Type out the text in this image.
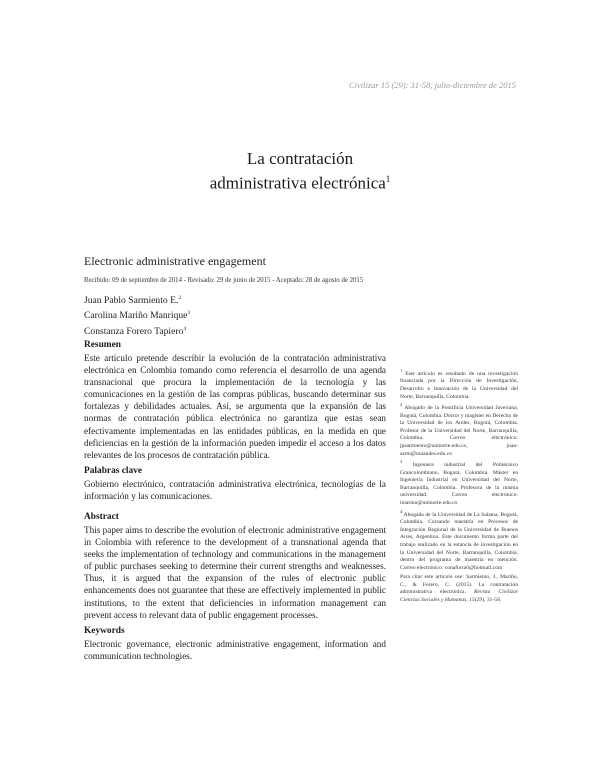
Civilizar 15 (29): 31-58, julio-diciembre de 2015
La contratación
administrativa electrónica$^1$
Electronic administrative engagement
Recibido: 09 de septiembre de 2014 - Revisado: 29 de junio de 2015 - Aceptado: 28 de agosto de 2015
Juan Pablo Sarmiento E.$^2$
Carolina Mariño Manrique$^3$
Constanza Forero Tapiero$^4$

Resumen

Este artículo pretende describir la evolución de la contratación administrativa electrónica en Colombia tomando como referencia el desarrollo de una agenda transnacional que procura la implementación de la tecnología y las comunicaciones en la gestión de las compras públicas, buscando determinar sus fortalezas y debilidades actuales. Así, se argumenta que la expansión de las normas de contratación pública electrónica no garantiza que estas sean efectivamente implementadas en las entidades públicas, en la medida en que deficiencias en la gestión de la información pueden impedir el acceso a los datos relevantes de los procesos de contratación pública.

Palabras clave

Gobierno electrónico, contratación administrativa electrónica, tecnologías de la información y las comunicaciones.

Abstract

This paper aims to describe the evolution of electronic administrative engagement in Colombia with reference to the development of a transnational agenda that seeks the implementation of technology and communications in the management of public purchases seeking to determine their current strengths and weaknesses. Thus, it is argued that the expansion of the rules of electronic public enhancements does not guarantee that these are effectively implemented in public institutions, to the extent that deficiencies in information management can prevent access to relevant data of public engagement processes.

Keywords

Electronic governance, electronic administrative engagement, information and communication technologies.

$^1$ Este artículo es resultado de una investigación financiada por la Dirección de Investigación, Desarrollo e Innovación de la Universidad del Norte, Barranquilla, Colombia.

$^2$ Abogado de la Pontificia Universidad Javeriana, Bogotá, Colombia. Doctor y magíster en Derecho de la Universidad de los Andes, Bogotá, Colombia. Profesor de la Universidad del Norte, Barranquilla, Colombia. Correo electrónico: jpsarmiento@uninorte.edu.co, juan-sarm@uniandes.edu.co

$^3$ Ingeniera industrial del Politécnico Grancolombiano, Bogotá, Colombia. Máster en Ingeniería Industrial en Universidad del Norte, Barranquilla, Colombia. Profesora de la misma universidad. Correo electrónico: imarino@uninorte.edu.co

$^4$ Abogada de la Universidad de La Sabana, Bogotá, Colombia. Cursando maestría en Procesos de Integración Regional de la Universidad de Buenos Aires, Argentina. Este documento forma parte del trabajo realizado en la estancia de investigación en la Universidad del Norte, Barranquilla, Colombia, dentro del programa de maestría en mención. Correo electrónico: conaforra6@hotmail.com

Para citar este artículo use: Sarmiento, J., Mariño, C., & Forero, C. (2015). La contratación administrativa electrónica. Revista Civilizar Ciencias Sociales y Humanas, 15(29), 31-58.
